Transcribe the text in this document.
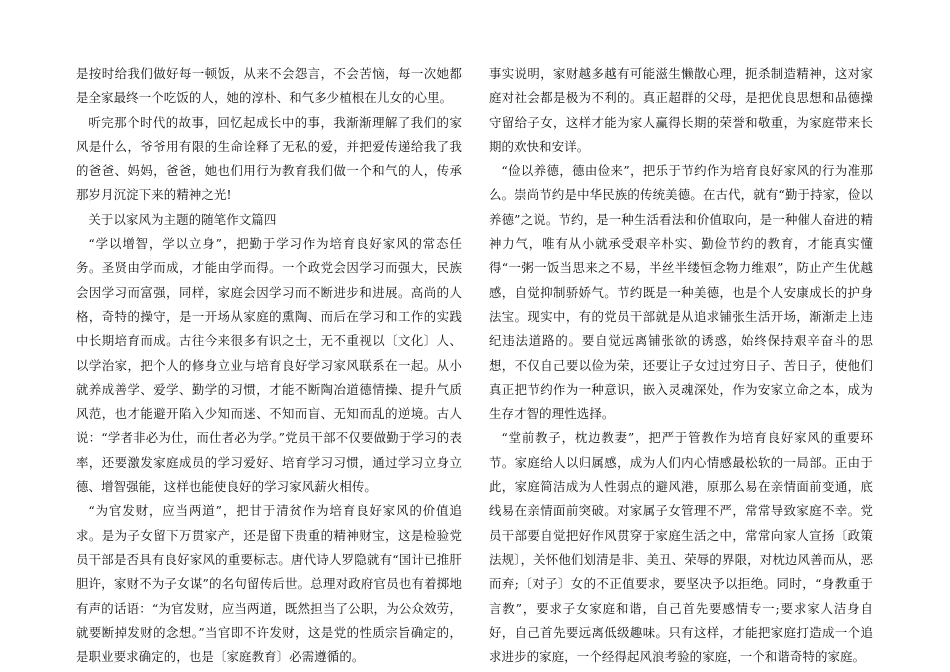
是按时给我们做好每一顿饭，从来不会怨言，不会苦恼，每一次她都是全家最终一个吃饭的人，她的淳朴、和气多少植根在儿女的心里。

听完那个时代的故事，回忆起成长中的事，我渐渐理解了我们的家风是什么，爷爷用有限的生命诠释了无私的爱，并把爱传递给我了我的爸爸、妈妈，爸爸，她也们用行为教育我们做一个和气的人，传承那岁月沉淀下来的精神之光!

关于以家风为主题的随笔作文篇四

“学以增智，学以立身”，把勤于学习作为培育良好家风的常态任务。圣贤由学而成，才能由学而得。一个政党会因学习而强大，民族会因学习而富强，同样，家庭会因学习而不断进步和进展。高尚的人格，奇特的操守，是一开场从家庭的熏陶、而后在学习和工作的实践中长期培育而成。古往今来很多有识之士，无不重视以〔文化〕人、以学治家，把个人的修身立业与培育良好学习家风联系在一起。从小就养成善学、爱学、勤学的习惯，才能不断陶冶道德情操、提升气质风范，也才能避开陷入少知而迷、不知而盲、无知而乱的逆境。古人说：“学者非必为仕，而仕者必为学。”党员干部不仅要做勤于学习的表率，还要激发家庭成员的学习爱好、培育学习习惯，通过学习立身立德、增智强能，这样也能使良好的学习家风薪火相传。

“为官发财，应当两道”，把甘于清贫作为培育良好家风的价值追求。是为子女留下万贯家产，还是留下贵重的精神财宝，这是检验党员干部是否具有良好家风的重要标志。唐代诗人罗隐就有“国计已推肝胆许，家财不为子女谋”的名句留传后世。总理对政府官员也有着掷地有声的话语：“为官发财，应当两道，既然担当了公职，为公众效劳，就要断掉发财的念想。”当官即不许发财，这是党的性质宗旨确定的，是职业要求确定的，也是〔家庭教育〕必需遵循的。

事实说明，家财越多越有可能滋生懒散心理，扼杀制造精神，这对家庭对社会都是极为不利的。真正超群的父母，是把优良思想和品德操守留给子女，这样才能为家人赢得长期的荣誉和敬重，为家庭带来长期的欢快和安详。

“俭以养德，德由俭来”，把乐于节约作为培育良好家风的行为准那么。崇尚节约是中华民族的传统美德。在古代，就有“勤于持家，俭以养德”之说。节约，是一种生活看法和价值取向，是一种催人奋进的精神力气，唯有从小就承受艰辛朴实、勤俭节约的教育，才能真实懂得“一粥一饭当思来之不易，半丝半缕恒念物力维艰”，防止产生优越感，自觉抑制骄娇气。节约既是一种美德，也是个人安康成长的护身法宝。现实中，有的党员干部就是从追求铺张生活开场，渐渐走上违纪违法道路的。要自觉远离铺张欲的诱惑，始终保持艰辛奋斗的思想，不仅自己要以俭为荣，还要让子女过过穷日子、苦日子，使他们真正把节约作为一种意识，嵌入灵魂深处，作为安家立命之本，成为生存才智的理性选择。

“堂前教子，枕边教妻”，把严于管教作为培育良好家风的重要环节。家庭给人以归属感，成为人们内心情感最松软的一局部。正由于此，家庭简洁成为人性弱点的避风港，原那么易在亲情面前变通，底线易在亲情面前突破。对家属子女管理不严，常常导致家庭不幸。党员干部要自觉把好作风贯穿于家庭生活之中，常常向家人宣扬〔政策法规〕，关怀他们划清是非、美丑、荣辱的界限，对枕边风善而从，恶而弃;〔对子〕女的不正值要求，要坚决予以拒绝。同时，“身教重于言教”，要求子女家庭和谐，自己首先要感情专一;要求家人洁身自好，自己首先要远离低级趣味。只有这样，才能把家庭打造成一个追求进步的家庭，一个经得起风浪考验的家庭，一个和谐奇特的家庭。
